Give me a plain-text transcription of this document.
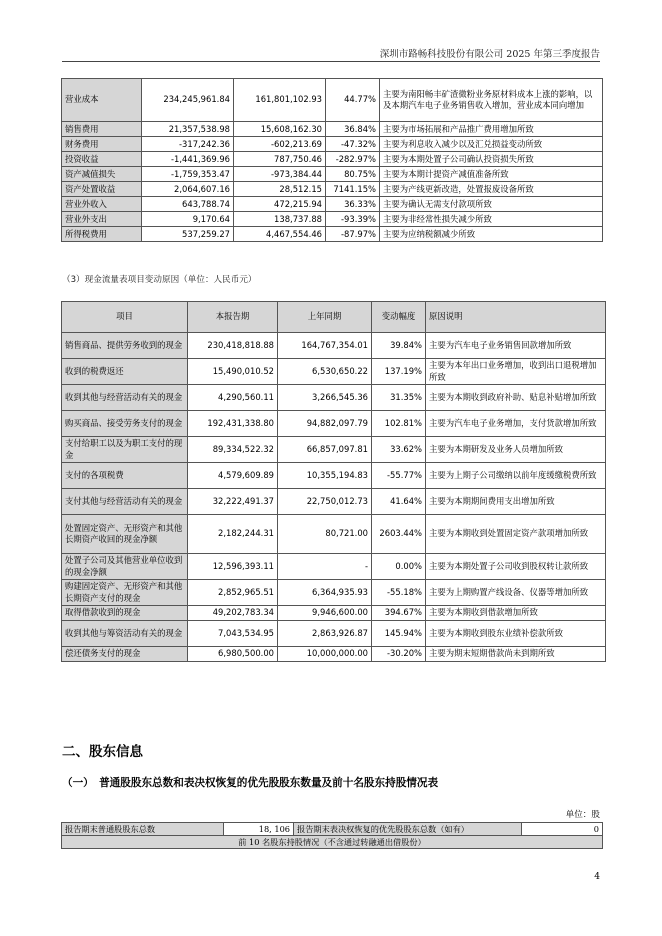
深圳市路畅科技股份有限公司 2025 年第三季度报告
营业成本	234,245,961.84	161,801,102.93	44.77%	主要为南阳畅丰矿渣微粉业务原材料成本上涨的影响，以及本期汽车电子业务销售收入增加，营业成本同向增加
销售费用	21,357,538.98	15,608,162.30	36.84%	主要为市场拓展和产品推广费用增加所致
财务费用	-317,242.36	-602,213.69	-47.32%	主要为利息收入减少以及汇兑损益变动所致
投资收益	-1,441,369.96	787,750.46	-282.97%	主要为本期处置子公司确认投资损失所致
资产减值损失	-1,759,353.47	-973,384.44	80.75%	主要为本期计提资产减值准备所致
资产处置收益	2,064,607.16	28,512.15	7141.15%	主要为产线更新改造，处置报废设备所致
营业外收入	643,788.74	472,215.94	36.33%	主要为确认无需支付款项所致
营业外支出	9,170.64	138,737.88	-93.39%	主要为非经常性损失减少所致
所得税费用	537,259.27	4,467,554.46	-87.97%	主要为应纳税额减少所致
（3）现金流量表项目变动原因（单位：人民币元）
项目	本报告期	上年同期	变动幅度	原因说明
销售商品、提供劳务收到的现金	230,418,818.88	164,767,354.01	39.84%	主要为汽车电子业务销售回款增加所致
收到的税费返还	15,490,010.52	6,530,650.22	137.19%	主要为本年出口业务增加，收到出口退税增加所致
收到其他与经营活动有关的现金	4,290,560.11	3,266,545.36	31.35%	主要为本期收到政府补助、贴息补贴增加所致
购买商品、接受劳务支付的现金	192,431,338.80	94,882,097.79	102.81%	主要为汽车电子业务增加，支付货款增加所致
支付给职工以及为职工支付的现金	89,334,522.32	66,857,097.81	33.62%	主要为本期研发及业务人员增加所致
支付的各项税费	4,579,609.89	10,355,194.83	-55.77%	主要为上期子公司缴纳以前年度缓缴税费所致
支付其他与经营活动有关的现金	32,222,491.37	22,750,012.73	41.64%	主要为本期期间费用支出增加所致
处置固定资产、无形资产和其他长期资产收回的现金净额	2,182,244.31	80,721.00	2603.44%	主要为本期收到处置固定资产款项增加所致
处置子公司及其他营业单位收到的现金净额	12,596,393.11	-	0.00%	主要为本期处置子公司收到股权转让款所致
购建固定资产、无形资产和其他长期资产支付的现金	2,852,965.51	6,364,935.93	-55.18%	主要为上期购置产线设备、仪器等增加所致
取得借款收到的现金	49,202,783.34	9,946,600.00	394.67%	主要为本期收到借款增加所致
收到其他与筹资活动有关的现金	7,043,534.95	2,863,926.87	145.94%	主要为本期收到股东业绩补偿款所致
偿还债务支付的现金	6,980,500.00	10,000,000.00	-30.20%	主要为期末短期借款尚未到期所致
二、股东信息
（一）　普通股股东总数和表决权恢复的优先股股东数量及前十名股东持股情况表
单位：股
报告期末普通股股东总数	18, 106	报告期末表决权恢复的优先股股东总数（如有）	0
前 10 名股东持股情况（不含通过转融通出借股份）
4
